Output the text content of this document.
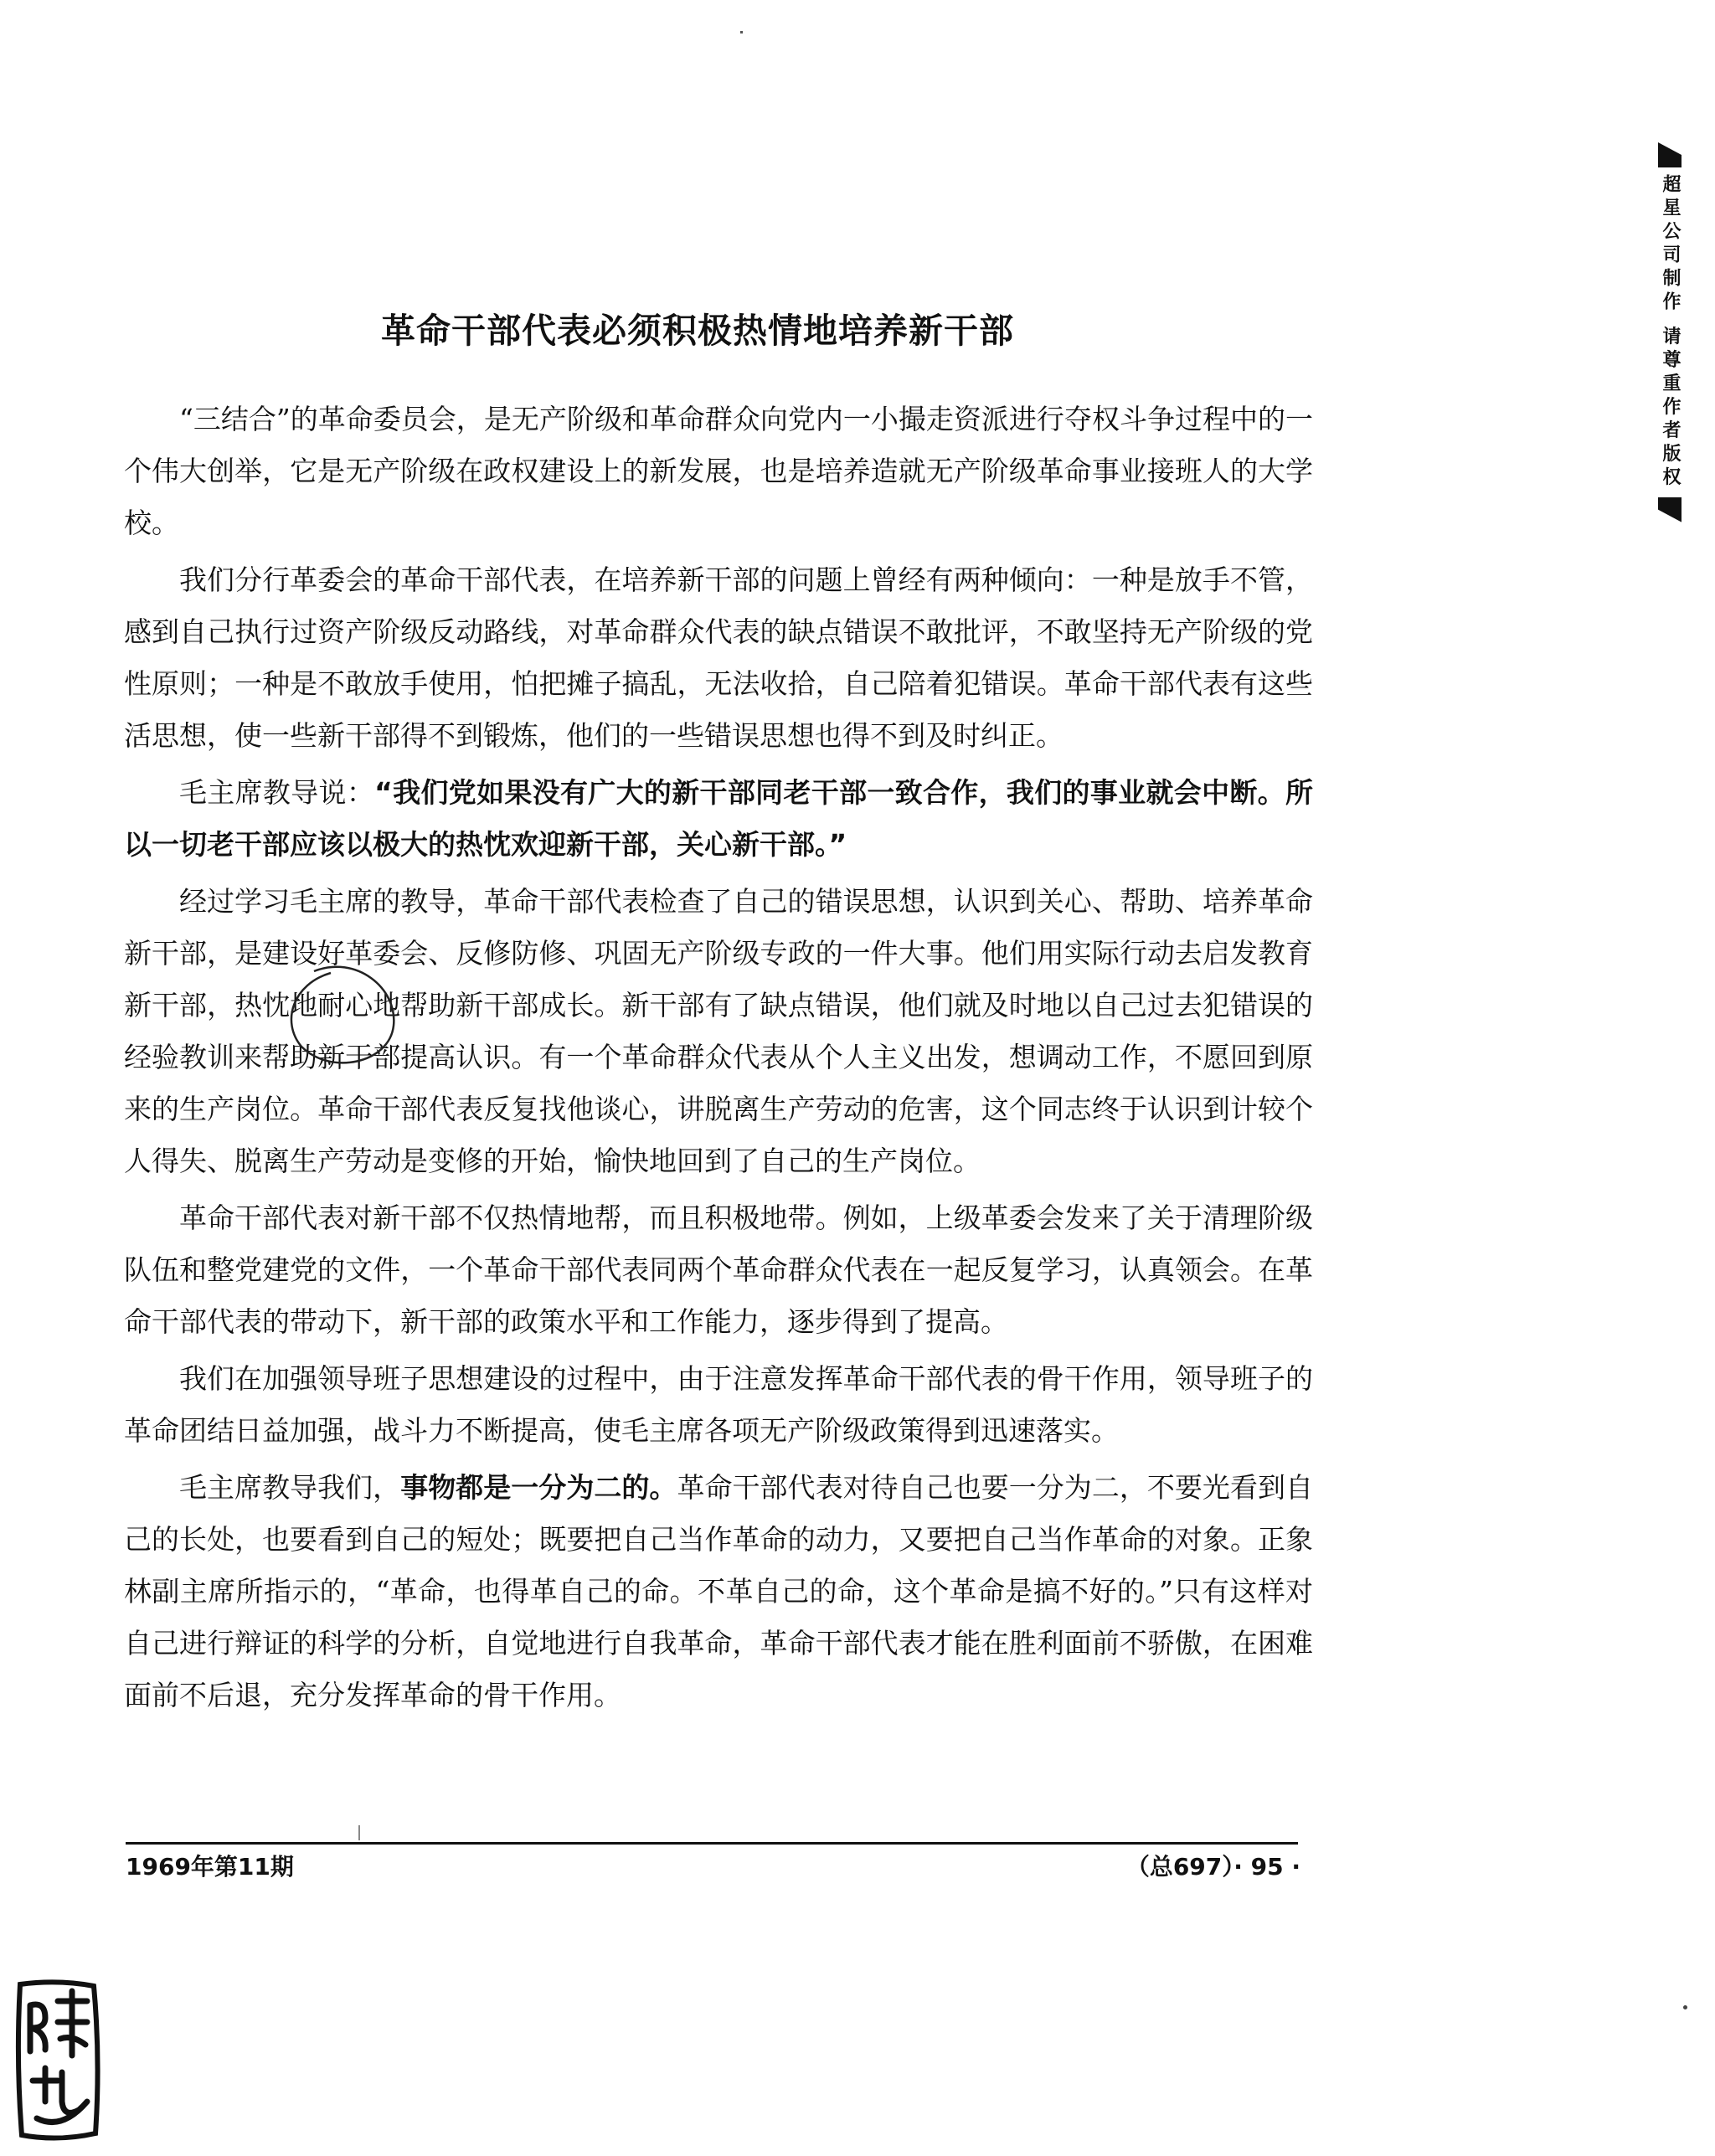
革命干部代表必须积极热情地培养新干部

“三结合”的革命委员会，是无产阶级和革命群众向党内一小撮走资派进行夺权斗争过程中的一个伟大创举，它是无产阶级在政权建设上的新发展，也是培养造就无产阶级革命事业接班人的大学校。

我们分行革委会的革命干部代表，在培养新干部的问题上曾经有两种倾向：一种是放手不管，感到自己执行过资产阶级反动路线，对革命群众代表的缺点错误不敢批评，不敢坚持无产阶级的党性原则；一种是不敢放手使用，怕把摊子搞乱，无法收拾，自己陪着犯错误。革命干部代表有这些活思想，使一些新干部得不到锻炼，他们的一些错误思想也得不到及时纠正。

毛主席教导说：“我们党如果没有广大的新干部同老干部一致合作，我们的事业就会中断。所以一切老干部应该以极大的热忱欢迎新干部，关心新干部。”

经过学习毛主席的教导，革命干部代表检查了自己的错误思想，认识到关心、帮助、培养革命新干部，是建设好革委会、反修防修、巩固无产阶级专政的一件大事。他们用实际行动去启发教育新干部，热忱地耐心地帮助新干部成长。新干部有了缺点错误，他们就及时地以自己过去犯错误的经验教训来帮助新干部提高认识。有一个革命群众代表从个人主义出发，想调动工作，不愿回到原来的生产岗位。革命干部代表反复找他谈心，讲脱离生产劳动的危害，这个同志终于认识到计较个人得失、脱离生产劳动是变修的开始，愉快地回到了自己的生产岗位。

革命干部代表对新干部不仅热情地帮，而且积极地带。例如，上级革委会发来了关于清理阶级队伍和整党建党的文件，一个革命干部代表同两个革命群众代表在一起反复学习，认真领会。在革命干部代表的带动下，新干部的政策水平和工作能力，逐步得到了提高。

我们在加强领导班子思想建设的过程中，由于注意发挥革命干部代表的骨干作用，领导班子的革命团结日益加强，战斗力不断提高，使毛主席各项无产阶级政策得到迅速落实。

毛主席教导我们，事物都是一分为二的。革命干部代表对待自己也要一分为二，不要光看到自己的长处，也要看到自己的短处；既要把自己当作革命的动力，又要把自己当作革命的对象。正象林副主席所指示的，“革命，也得革自己的命。不革自己的命，这个革命是搞不好的。”只有这样对自己进行辩证的科学的分析，自觉地进行自我革命，革命干部代表才能在胜利面前不骄傲，在困难面前不后退，充分发挥革命的骨干作用。

1969年第11期	（总697）· 95 ·
超星公司制作 请尊重作者版权
